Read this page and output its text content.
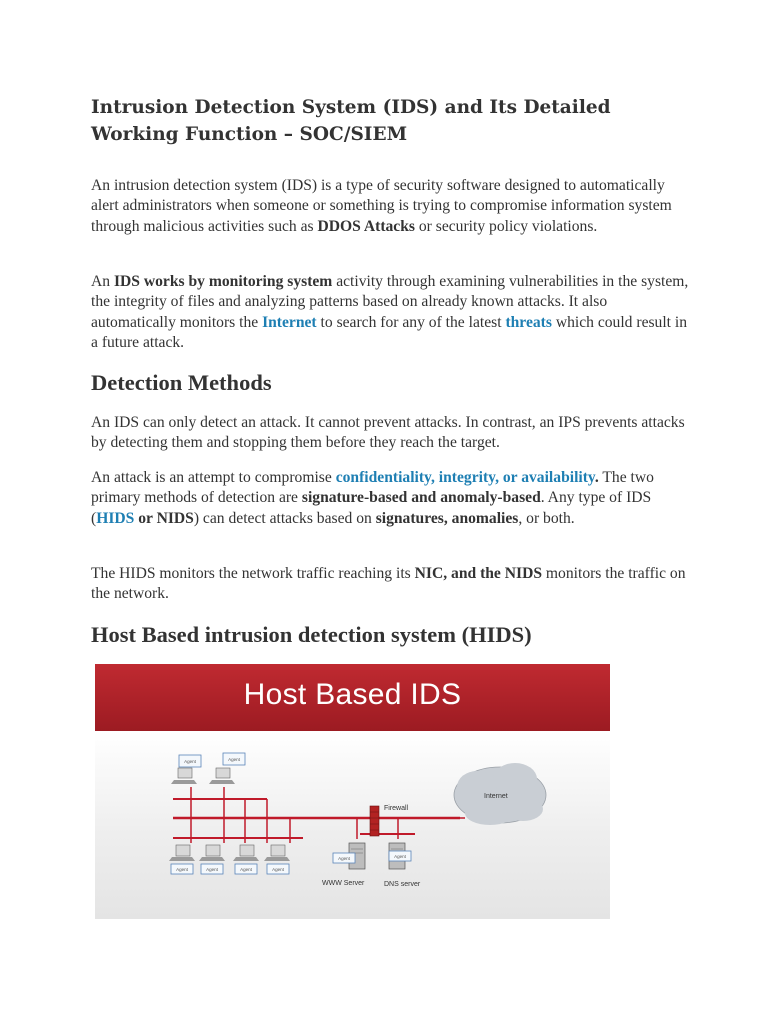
Intrusion Detection System (IDS) and Its Detailed Working Function – SOC/SIEM

An intrusion detection system (IDS) is a type of security software designed to automatically alert administrators when someone or something is trying to compromise information system through malicious activities such as DDOS Attacks or security policy violations.

An IDS works by monitoring system activity through examining vulnerabilities in the system, the integrity of files and analyzing patterns based on already known attacks. It also automatically monitors the Internet to search for any of the latest threats which could result in a future attack.

Detection Methods

An IDS can only detect an attack. It cannot prevent attacks. In contrast, an IPS prevents attacks by detecting them and stopping them before they reach the target.

An attack is an attempt to compromise confidentiality, integrity, or availability. The two primary methods of detection are signature-based and anomaly-based. Any type of IDS (HIDS or NIDS) can detect attacks based on signatures, anomalies, or both.

The HIDS monitors the network traffic reaching its NIC, and the NIDS monitors the traffic on the network.

Host Based intrusion detection system (HIDS)
Host Based IDS
Agent	Agent
Agent	Agent	Agent	Agent
Agent
WWW Server
Agent
DNS server
Firewall
Internet
